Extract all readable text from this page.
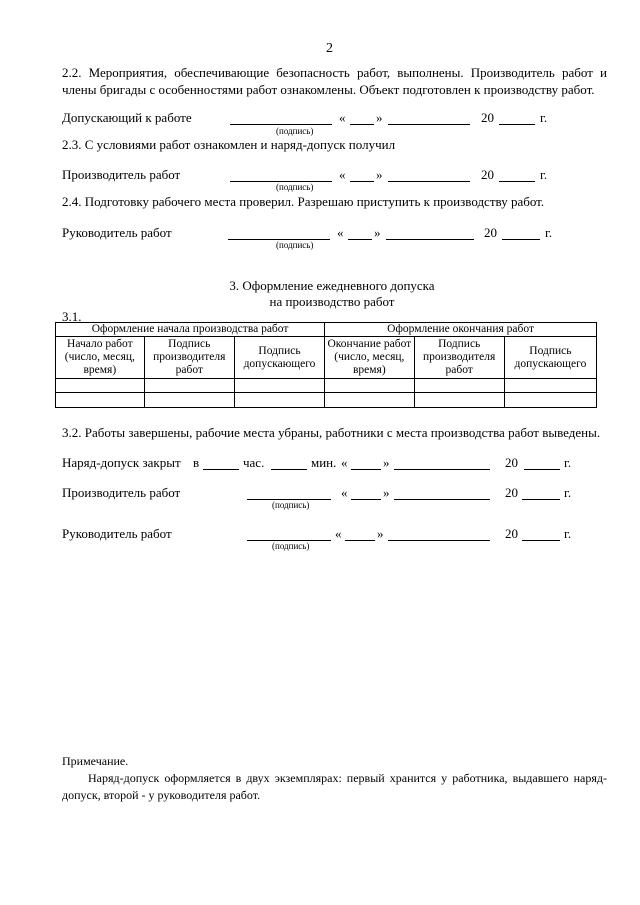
2
2.2. Мероприятия, обеспечивающие безопасность работ, выполнены. Производитель работ и члены бригады с особенностями работ ознакомлены. Объект подготовлен к производству работ.
Допускающий к работе	« »	20	г.
(подпись)
2.3. С условиями работ ознакомлен и наряд-допуск получил
Производитель работ	« »	20	г.
(подпись)
2.4. Подготовку рабочего места проверил. Разрешаю приступить к производству работ.
Руководитель работ	« »	20	г.
(подпись)
3. Оформление ежедневного допуска
на производство работ
3.1.
Оформление начала производства работ			Оформление окончания работ		
Начало работ (число, месяц, время)	Подпись производителя работ	Подпись допускающего	Окончание работ (число, месяц, время)	Подпись производителя работ	Подпись допускающего

3.2. Работы завершены, рабочие места убраны, работники с места производства работ выведены.
Наряд-допуск закрыт в	час.	мин. «	»	20	г.
Производитель работ	«	»	20	г.
(подпись)
Руководитель работ	«	»	20	г.
(подпись)
Примечание.
Наряд-допуск оформляется в двух экземплярах: первый хранится у работника, выдавшего наряд-допуск, второй - у руководителя работ.
